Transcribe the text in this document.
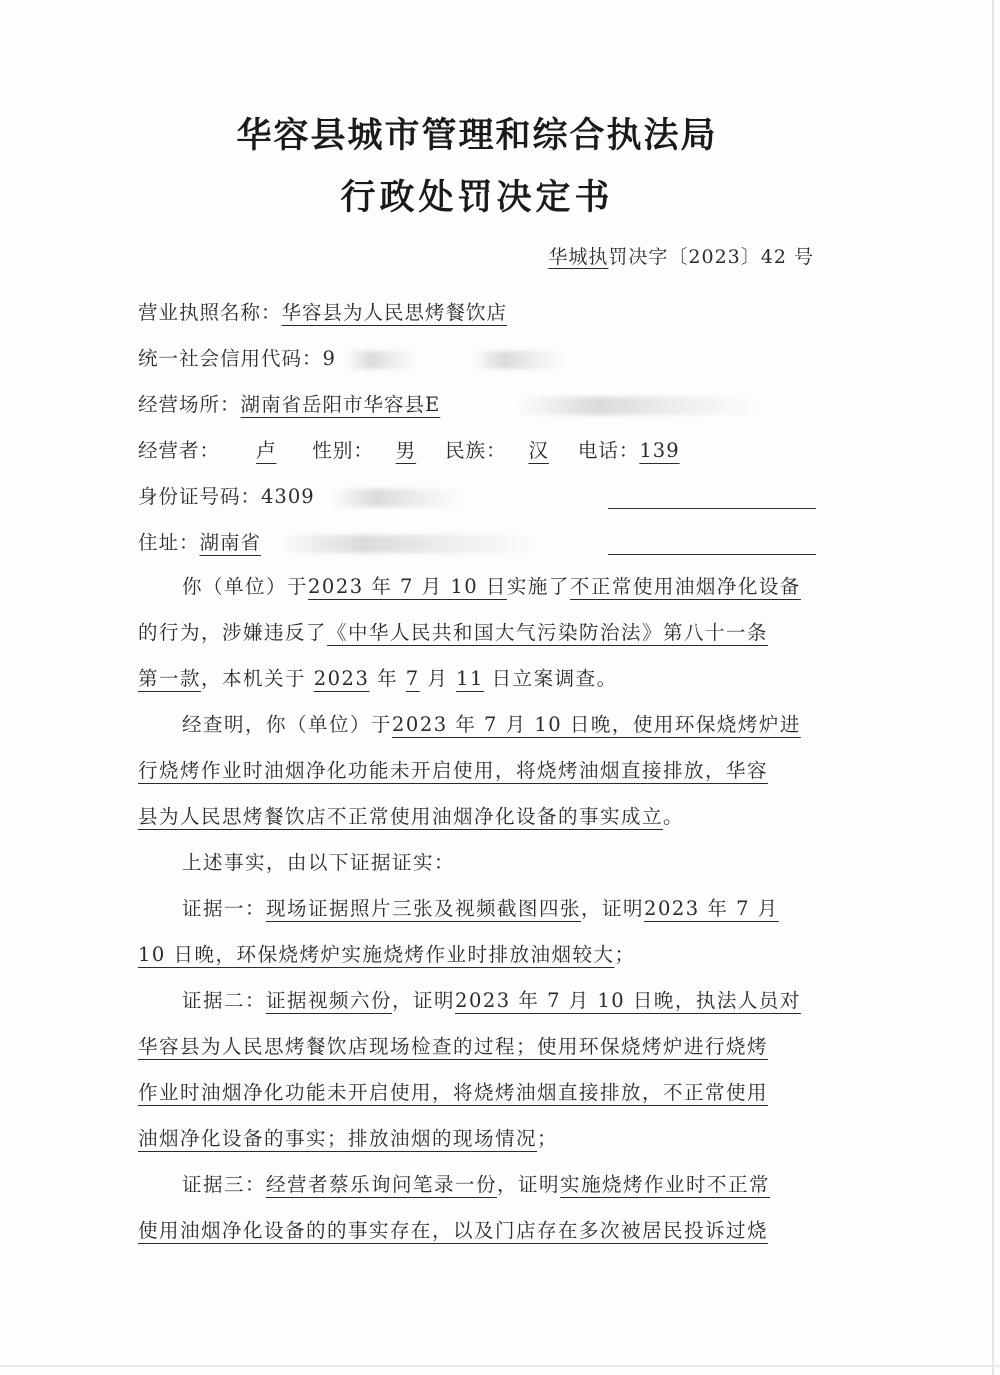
华容县城市管理和综合执法局
行政处罚决定书
华城执罚决字〔2023〕42 号
营业执照名称：华容县为人民思烤餐饮店
统一社会信用代码：9
经营场所：湖南省岳阳市华容县E
经营者： 卢 性别： 男 民族： 汉 电话：139
身份证号码：4309
住址：湖南省
你（单位）于2023 年 7 月 10 日实施了不正常使用油烟净化设备
的行为，涉嫌违反了《中华人民共和国大气污染防治法》第八十一条
第一款，本机关于 2023 年 7 月 11 日立案调查。
经查明，你（单位）于2023 年 7 月 10 日晚，使用环保烧烤炉进
行烧烤作业时油烟净化功能未开启使用，将烧烤油烟直接排放，华容
县为人民思烤餐饮店不正常使用油烟净化设备的事实成立。
上述事实，由以下证据证实：
证据一：现场证据照片三张及视频截图四张，证明2023 年 7 月
10 日晚，环保烧烤炉实施烧烤作业时排放油烟较大；
证据二：证据视频六份，证明2023 年 7 月 10 日晚，执法人员对
华容县为人民思烤餐饮店现场检查的过程；使用环保烧烤炉进行烧烤
作业时油烟净化功能未开启使用，将烧烤油烟直接排放，不正常使用
油烟净化设备的事实；排放油烟的现场情况；
证据三：经营者蔡乐询问笔录一份，证明实施烧烤作业时不正常
使用油烟净化设备的的事实存在，以及门店存在多次被居民投诉过烧
